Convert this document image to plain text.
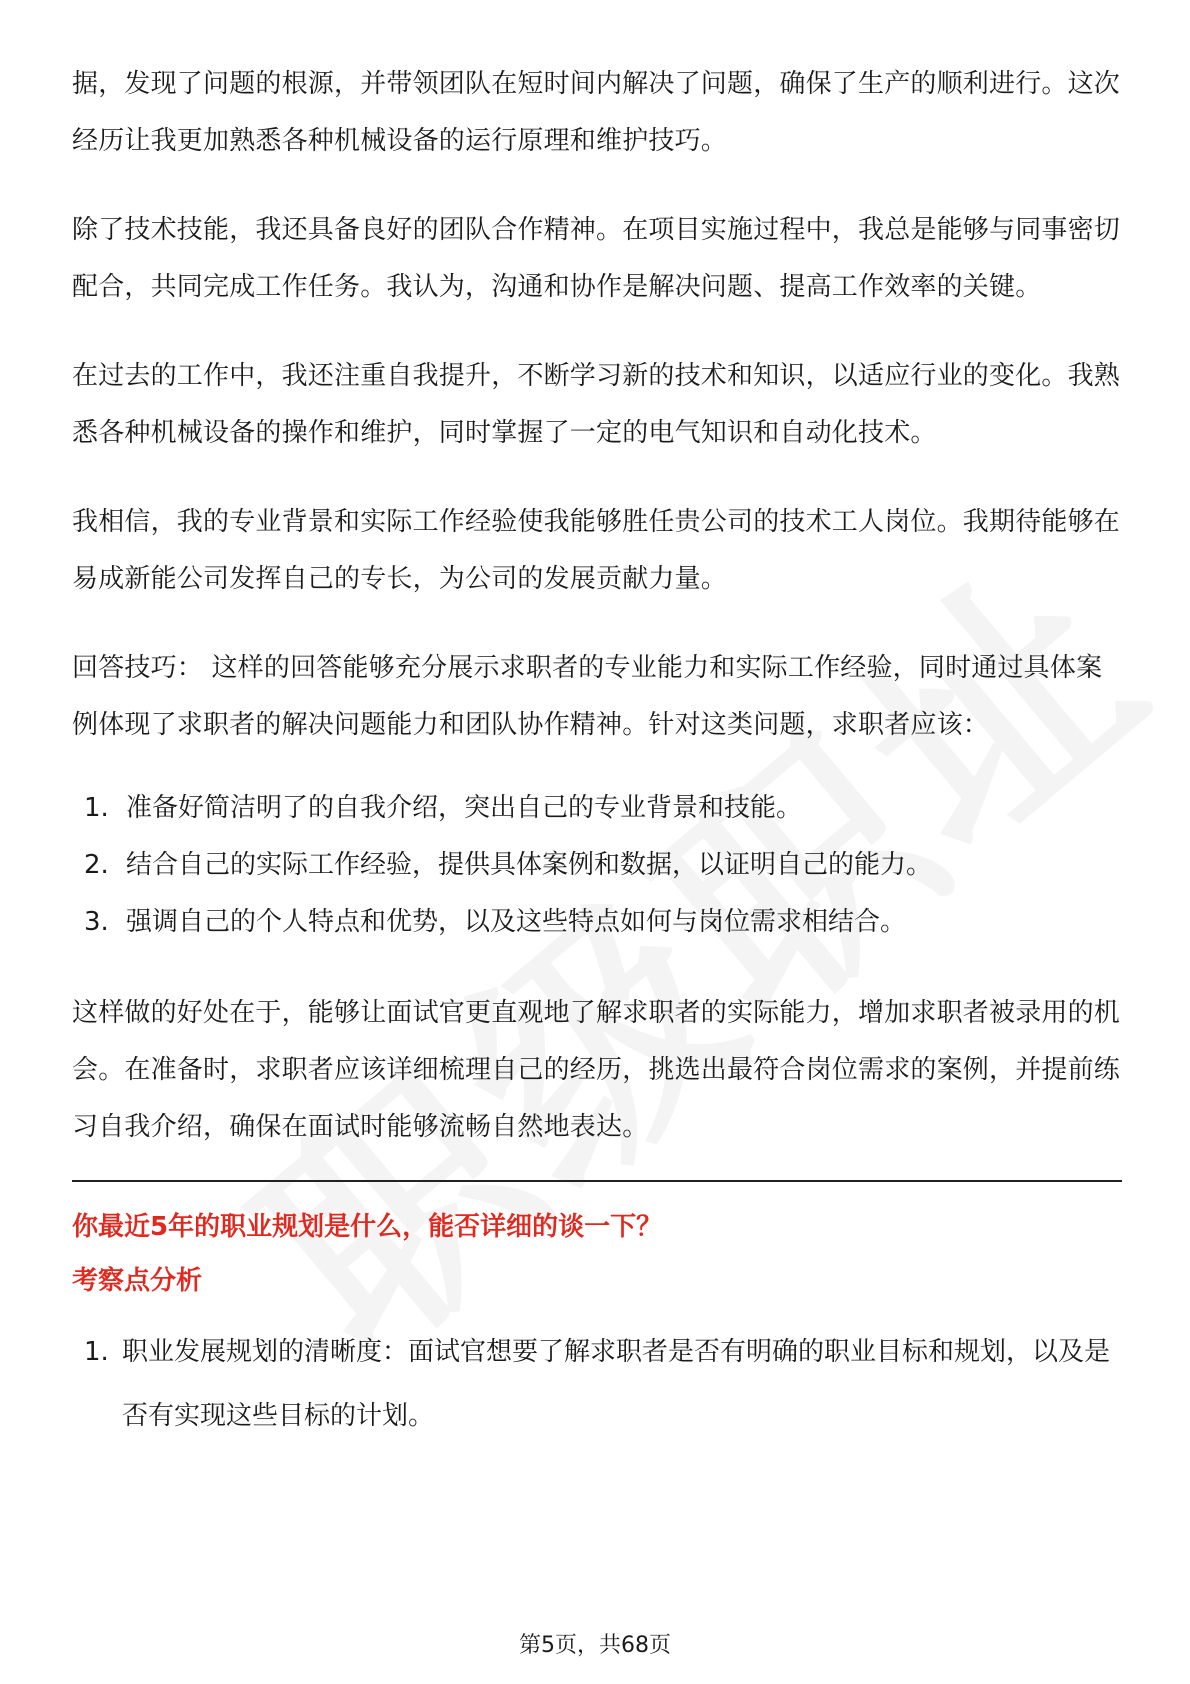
据，发现了问题的根源，并带领团队在短时间内解决了问题，确保了生产的顺利进行。这次经历让我更加熟悉各种机械设备的运行原理和维护技巧。

除了技术技能，我还具备良好的团队合作精神。在项目实施过程中，我总是能够与同事密切配合，共同完成工作任务。我认为，沟通和协作是解决问题、提高工作效率的关键。

在过去的工作中，我还注重自我提升，不断学习新的技术和知识，以适应行业的变化。我熟悉各种机械设备的操作和维护，同时掌握了一定的电气知识和自动化技术。

我相信，我的专业背景和实际工作经验使我能够胜任贵公司的技术工人岗位。我期待能够在易成新能公司发挥自己的专长，为公司的发展贡献力量。

回答技巧： 这样的回答能够充分展示求职者的专业能力和实际工作经验，同时通过具体案例体现了求职者的解决问题能力和团队协作精神。针对这类问题，求职者应该：

1. 准备好简洁明了的自我介绍，突出自己的专业背景和技能。
2. 结合自己的实际工作经验，提供具体案例和数据，以证明自己的能力。
3. 强调自己的个人特点和优势，以及这些特点如何与岗位需求相结合。

这样做的好处在于，能够让面试官更直观地了解求职者的实际能力，增加求职者被录用的机会。在准备时，求职者应该详细梳理自己的经历，挑选出最符合岗位需求的案例，并提前练习自我介绍，确保在面试时能够流畅自然地表达。

你最近5年的职业规划是什么，能否详细的谈一下？
考察点分析
1. 职业发展规划的清晰度：面试官想要了解求职者是否有明确的职业目标和规划，以及是否有实现这些目标的计划。
第5页，共68页
